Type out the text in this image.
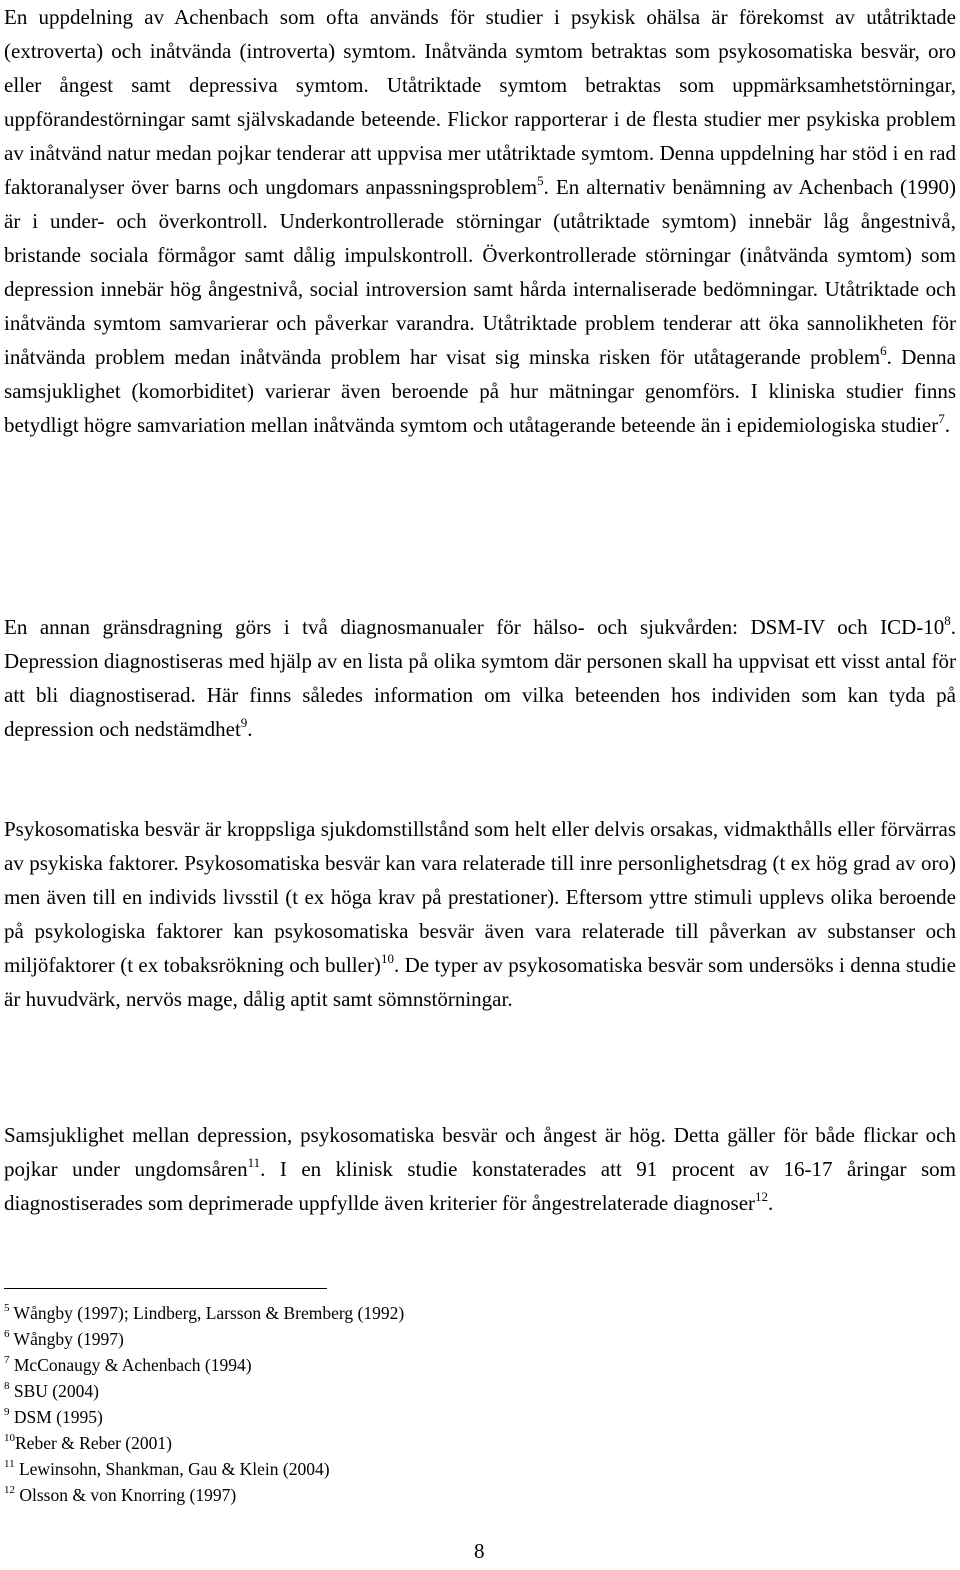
En uppdelning av Achenbach som ofta används för studier i psykisk ohälsa är förekomst av utåtriktade (extroverta) och inåtvända (introverta) symtom. Inåtvända symtom betraktas som psykosomatiska besvär, oro eller ångest samt depressiva symtom. Utåtriktade symtom betraktas som uppmärksamhetstörningar, uppförandestörningar samt självskadande beteende. Flickor rapporterar i de flesta studier mer psykiska problem av inåtvänd natur medan pojkar tenderar att uppvisa mer utåtriktade symtom. Denna uppdelning har stöd i en rad faktoranalyser över barns och ungdomars anpassningsproblem$^5$. En alternativ benämning av Achenbach (1990) är i under- och överkontroll. Underkontrollerade störningar (utåtriktade symtom) innebär låg ångestnivå, bristande sociala förmågor samt dålig impulskontroll. Överkontrollerade störningar (inåtvända symtom) som depression innebär hög ångestnivå, social introversion samt hårda internaliserade bedömningar. Utåtriktade och inåtvända symtom samvarierar och påverkar varandra. Utåtriktade problem tenderar att öka sannolikheten för inåtvända problem medan inåtvända problem har visat sig minska risken för utåtagerande problem$^6$. Denna samsjuklighet (komorbiditet) varierar även beroende på hur mätningar genomförs. I kliniska studier finns betydligt högre samvariation mellan inåtvända symtom och utåtagerande beteende än i epidemiologiska studier$^7$.

En annan gränsdragning görs i två diagnosmanualer för hälso- och sjukvården: DSM-IV och ICD-$10^8$. Depression diagnostiseras med hjälp av en lista på olika symtom där personen skall ha uppvisat ett visst antal för att bli diagnostiserad. Här finns således information om vilka beteenden hos individen som kan tyda på depression och nedstämdhet$^9$.

Psykosomatiska besvär är kroppsliga sjukdomstillstånd som helt eller delvis orsakas, vidmakthålls eller förvärras av psykiska faktorer. Psykosomatiska besvär kan vara relaterade till inre personlighetsdrag (t ex hög grad av oro) men även till en individs livsstil (t ex höga krav på prestationer). Eftersom yttre stimuli upplevs olika beroende på psykologiska faktorer kan psykosomatiska besvär även vara relaterade till påverkan av substanser och miljöfaktorer (t ex tobaksrökning och buller)$^{10}$. De typer av psykosomatiska besvär som undersöks i denna studie är huvudvärk, nervös mage, dålig aptit samt sömnstörningar.

Samsjuklighet mellan depression, psykosomatiska besvär och ångest är hög. Detta gäller för både flickar och pojkar under ungdomsåren$^{11}$. I en klinisk studie konstaterades att 91 procent av 16-17 åringar som diagnostiserades som deprimerade uppfyllde även kriterier för ångestrelaterade diagnoser$^{12}$.

$^5$ Wångby (1997); Lindberg, Larsson & Bremberg (1992)
$^6$ Wångby (1997)
$^7$ McConaugy & Achenbach (1994)
$^8$ SBU (2004)
$^9$ DSM (1995)
$^{10}$Reber & Reber (2001)
$^{11}$ Lewinsohn, Shankman, Gau & Klein (2004)
$^{12}$ Olsson & von Knorring (1997)
8
